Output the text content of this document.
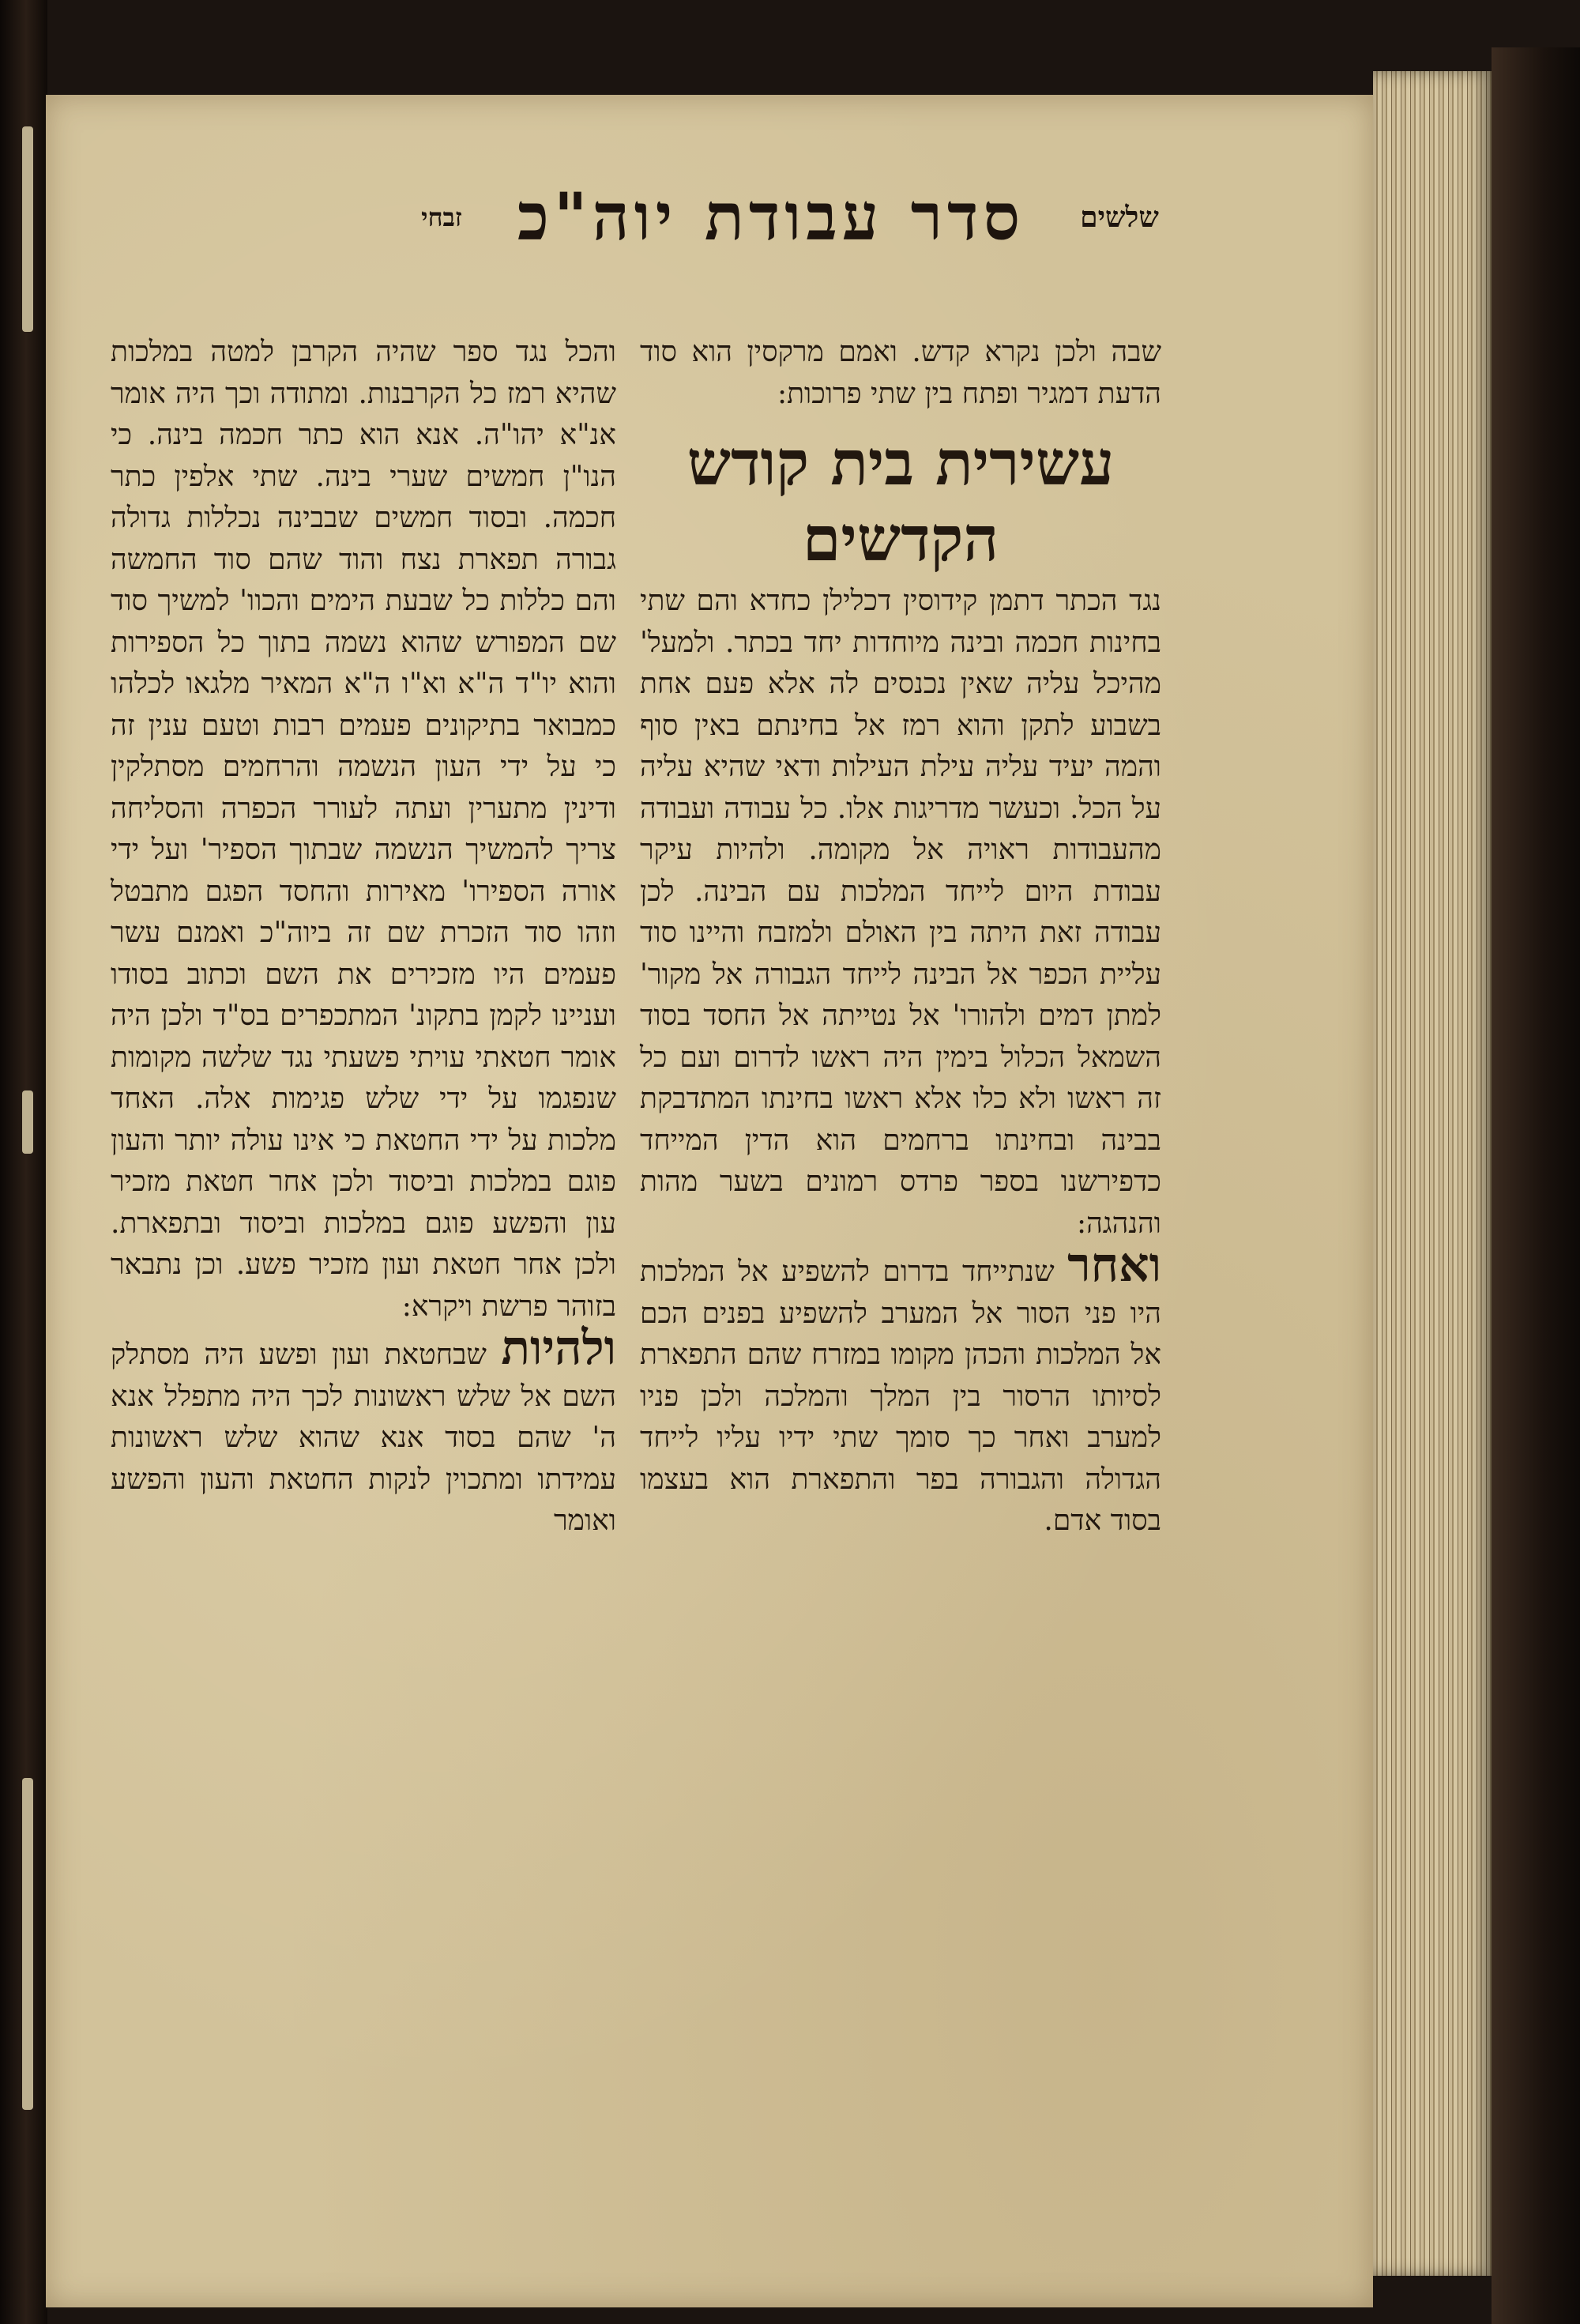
זבחי סדר עבודת יוה"כ שלשים

שבה ולכן נקרא קדש. ואמם מרקסין הוא סוד הדעת דמגיר ופתח בין שתי פרוכות:

עשירית בית קודש הקדשים

נגד הכתר דתמן קידוסין דכלילן כחדא והם שתי בחינות חכמה ובינה מיוחדות יחד בכתר. ולמעל' מהיכל עליה שאין נכנסים לה אלא פעם אחת בשבוע לתקן והוא רמז אל בחינתם באין סוף והמה יעיד עליה עילת העילות ודאי שהיא עליה על הכל. וכעשר מדריגות אלו. כל עבודה ועבודה מהעבודות ראויה אל מקומה. ולהיות עיקר עבודת היום לייחד המלכות עם הבינה. לכן עבודה זאת היתה בין האולם ולמזבח והיינו סוד עליית הכפר אל הבינה לייחד הגבורה אל מקור' למתן דמים ולהורו' אל נטייתה אל החסד בסוד השמאל הכלול בימין היה ראשו לדרום ועם כל זה ראשו ולא כלו אלא ראשו בחינתו המתדבקת בבינה ובחינתו ברחמים הוא הדין המייחד כדפירשנו בספר פרדס רמונים בשער מהות והנהגה:

ואחר שנתייחד בדרום להשפיע אל המלכות היו פני הסור אל המערב להשפיע בפנים הכם אל המלכות והכהן מקומו במזרח שהם התפארת לסיותו הרסור בין המלך והמלכה ולכן פניו למערב ואחר כך סומך שתי ידיו עליו לייחד הגדולה והגבורה בפר והתפארת הוא בעצמו בסוד אדם.

והכל נגד ספר שהיה הקרבן למטה במלכות שהיא רמז כל הקרבנות. ומתודה וכך היה אומר אנ"א יהו"ה. אנא הוא כתר חכמה בינה. כי הנו"ן חמשים שערי בינה. שתי אלפין כתר חכמה. ובסוד חמשים שבבינה נכללות גדולה גבורה תפארת נצח והוד שהם סוד החמשה והם כללות כל שבעת הימים והכוו' למשיך סוד שם המפורש שהוא נשמה בתוך כל הספירות והוא יו"ד ה"א וא"ו ה"א המאיר מלגאו לכלהו כמבואר בתיקונים פעמים רבות וטעם ענין זה כי על ידי העון הנשמה והרחמים מסתלקין ודינין מתערין ועתה לעורר הכפרה והסליחה צריך להמשיך הנשמה שבתוך הספיר' ועל ידי אורה הספירו' מאירות והחסד הפגם מתבטל וזהו סוד הזכרת שם זה ביוה"כ ואמנם עשר פעמים היו מזכירים את השם וכתוב בסודו ועניינו לקמן בתקונ' המתכפרים בס"ד ולכן היה אומר חטאתי עויתי פשעתי נגד שלשה מקומות שנפגמו על ידי שלש פגימות אלה. האחד מלכות על ידי החטאת כי אינו עולה יותר והעון פוגם במלכות וביסוד ולכן אחר חטאת מזכיר עון והפשע פוגם במלכות וביסוד ובתפארת. ולכן אחר חטאת ועון מזכיר פשע. וכן נתבאר בזוהר פרשת ויקרא:

ולהיות שבחטאת ועון ופשע היה מסתלק השם אל שלש ראשונות לכך היה מתפלל אנא ה' שהם בסוד אנא שהוא שלש ראשונות עמידתו ומתכוין לנקות החטאת והעון והפשע ואומר
